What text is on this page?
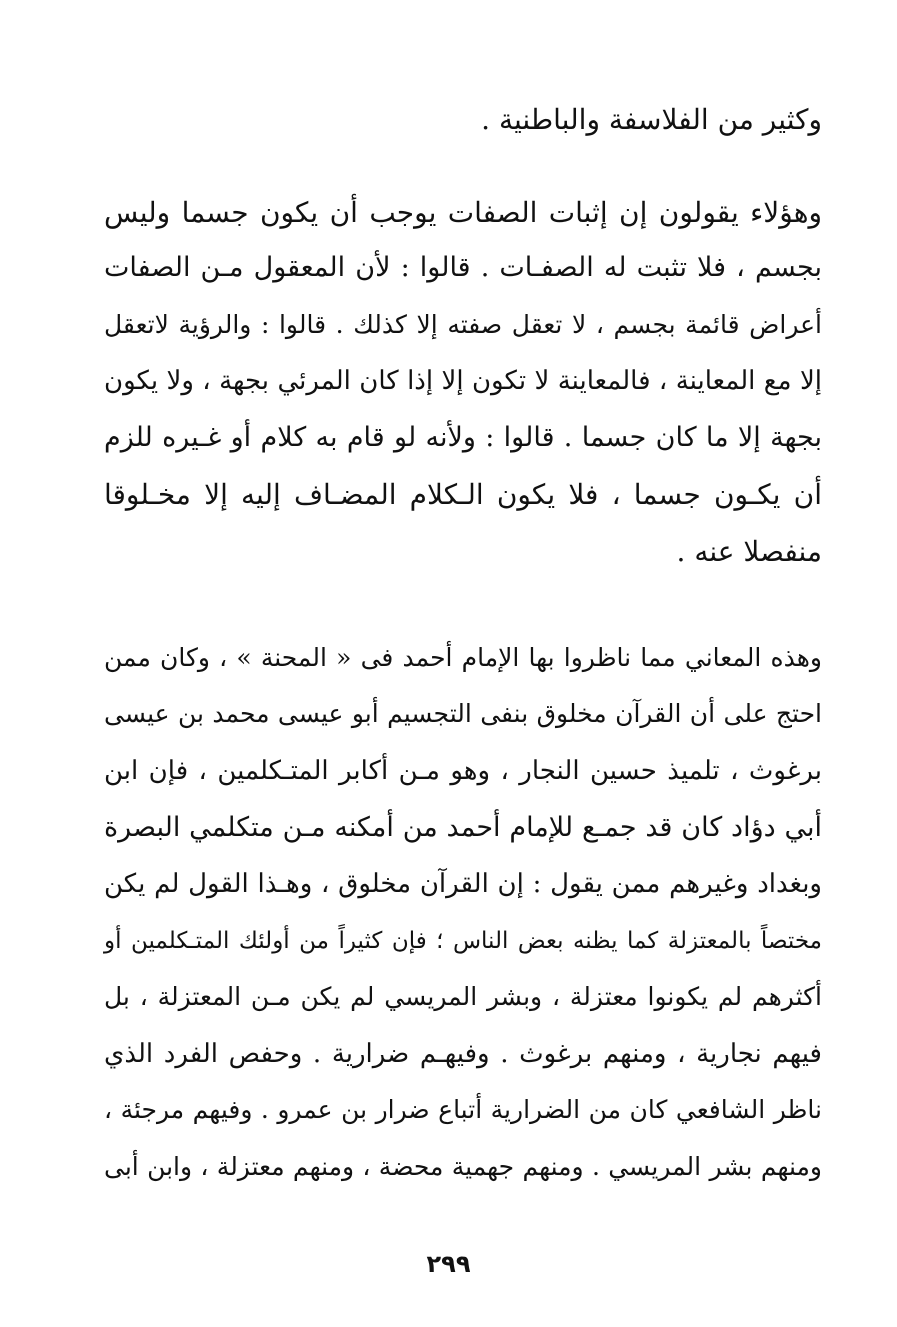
وكثير من الفلاسفة والباطنية .
وهؤلاء يقولون إن إثبات الصفات يوجب أن يكون جسما وليس
بجسم ، فلا تثبت له الصفـات . قالوا : لأن المعقول مـن الصفات
أعراض قائمة بجسم ، لا تعقل صفته إلا كذلك . قالوا : والرؤية لاتعقل
إلا مع المعاينة ، فالمعاينة لا تكون إلا إذا كان المرئي بجهة ، ولا يكون
بجهة إلا ما كان جسما . قالوا : ولأنه لو قام به كلام أو غـيره للزم
أن يكـون جسما ، فلا يكون الـكلام المضـاف إليه إلا مخـلوقا
منفصلا عنه .
وهذه المعاني مما ناظروا بها الإمام أحمد فى « المحنة » ، وكان ممن
احتج على أن القرآن مخلوق بنفى التجسيم أبو عيسى محمد بن عيسى
برغوث ، تلميذ حسين النجار ، وهو مـن أكابر المتـكلمين ، فإن ابن
أبي دؤاد كان قد جمـع للإمام أحمد من أمكنه مـن متكلمي البصرة
وبغداد وغيرهم ممن يقول : إن القرآن مخلوق ، وهـذا القول لم يكن
مختصاً بالمعتزلة كما يظنه بعض الناس ؛ فإن كثيراً من أولئك المتـكلمين أو
أكثرهم لم يكونوا معتزلة ، وبشر المريسي لم يكن مـن المعتزلة ، بل
فيهم نجارية ، ومنهم برغوث . وفيهـم ضرارية . وحفص الفرد الذي
ناظر الشافعي كان من الضرارية أتباع ضرار بن عمرو . وفيهم مرجئة ،
ومنهم بشر المريسي . ومنهم جهمية محضة ، ومنهم معتزلة ، وابن أبى
٢٩٩
